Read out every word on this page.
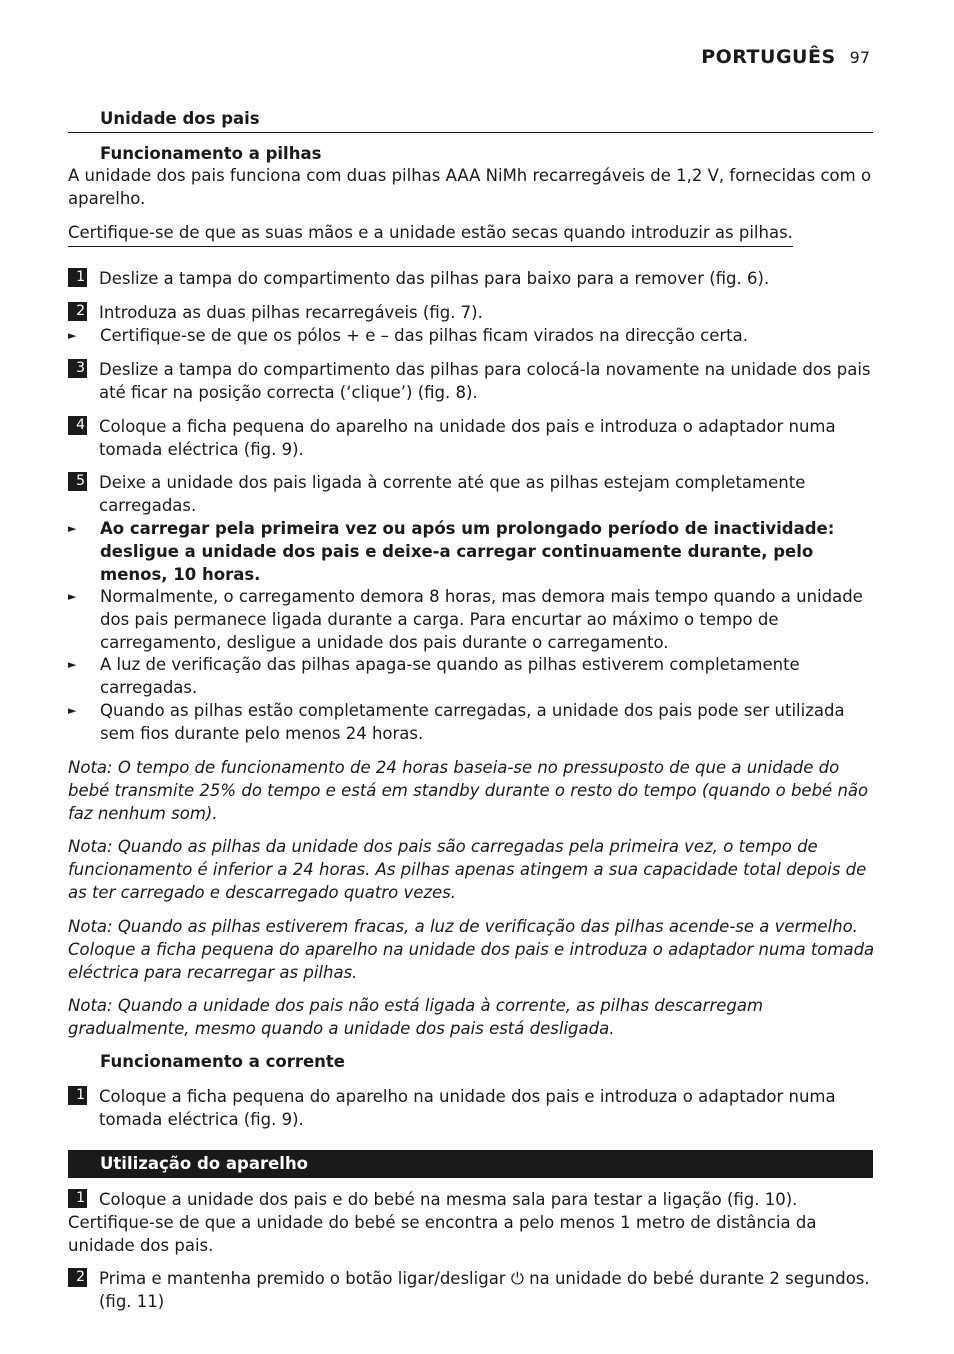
PORTUGUÊS 97
Unidade dos pais
Funcionamento a pilhas
A unidade dos pais funciona com duas pilhas AAA NiMh recarregáveis de 1,2 V, fornecidas com o aparelho.
Certifique-se de que as suas mãos e a unidade estão secas quando introduzir as pilhas.
1 Deslize a tampa do compartimento das pilhas para baixo para a remover (fig. 6).
2 Introduza as duas pilhas recarregáveis (fig. 7).
►	Certifique-se de que os pólos + e – das pilhas ficam virados na direcção certa.
3 Deslize a tampa do compartimento das pilhas para colocá-la novamente na unidade dos pais até ficar na posição correcta (‘clique’) (fig. 8).
4 Coloque a ficha pequena do aparelho na unidade dos pais e introduza o adaptador numa tomada eléctrica (fig. 9).
5 Deixe a unidade dos pais ligada à corrente até que as pilhas estejam completamente carregadas.
►	Ao carregar pela primeira vez ou após um prolongado período de inactividade: desligue a unidade dos pais e deixe-a carregar continuamente durante, pelo menos, 10 horas.
►	Normalmente, o carregamento demora 8 horas, mas demora mais tempo quando a unidade dos pais permanece ligada durante a carga. Para encurtar ao máximo o tempo de carregamento, desligue a unidade dos pais durante o carregamento.
►	A luz de verificação das pilhas apaga-se quando as pilhas estiverem completamente carregadas.
►	Quando as pilhas estão completamente carregadas, a unidade dos pais pode ser utilizada sem fios durante pelo menos 24 horas.
Nota: O tempo de funcionamento de 24 horas baseia-se no pressuposto de que a unidade do bebé transmite 25% do tempo e está em standby durante o resto do tempo (quando o bebé não faz nenhum som).
Nota: Quando as pilhas da unidade dos pais são carregadas pela primeira vez, o tempo de funcionamento é inferior a 24 horas. As pilhas apenas atingem a sua capacidade total depois de as ter carregado e descarregado quatro vezes.
Nota: Quando as pilhas estiverem fracas, a luz de verificação das pilhas acende-se a vermelho. Coloque a ficha pequena do aparelho na unidade dos pais e introduza o adaptador numa tomada eléctrica para recarregar as pilhas.
Nota: Quando a unidade dos pais não está ligada à corrente, as pilhas descarregam gradualmente, mesmo quando a unidade dos pais está desligada.
Funcionamento a corrente
1 Coloque a ficha pequena do aparelho na unidade dos pais e introduza o adaptador numa tomada eléctrica (fig. 9).
Utilização do aparelho
1 Coloque a unidade dos pais e do bebé na mesma sala para testar a ligação (fig. 10).
Certifique-se de que a unidade do bebé se encontra a pelo menos 1 metro de distância da unidade dos pais.
2 Prima e mantenha premido o botão ligar/desligar ⏻ na unidade do bebé durante 2 segundos. (fig. 11)
